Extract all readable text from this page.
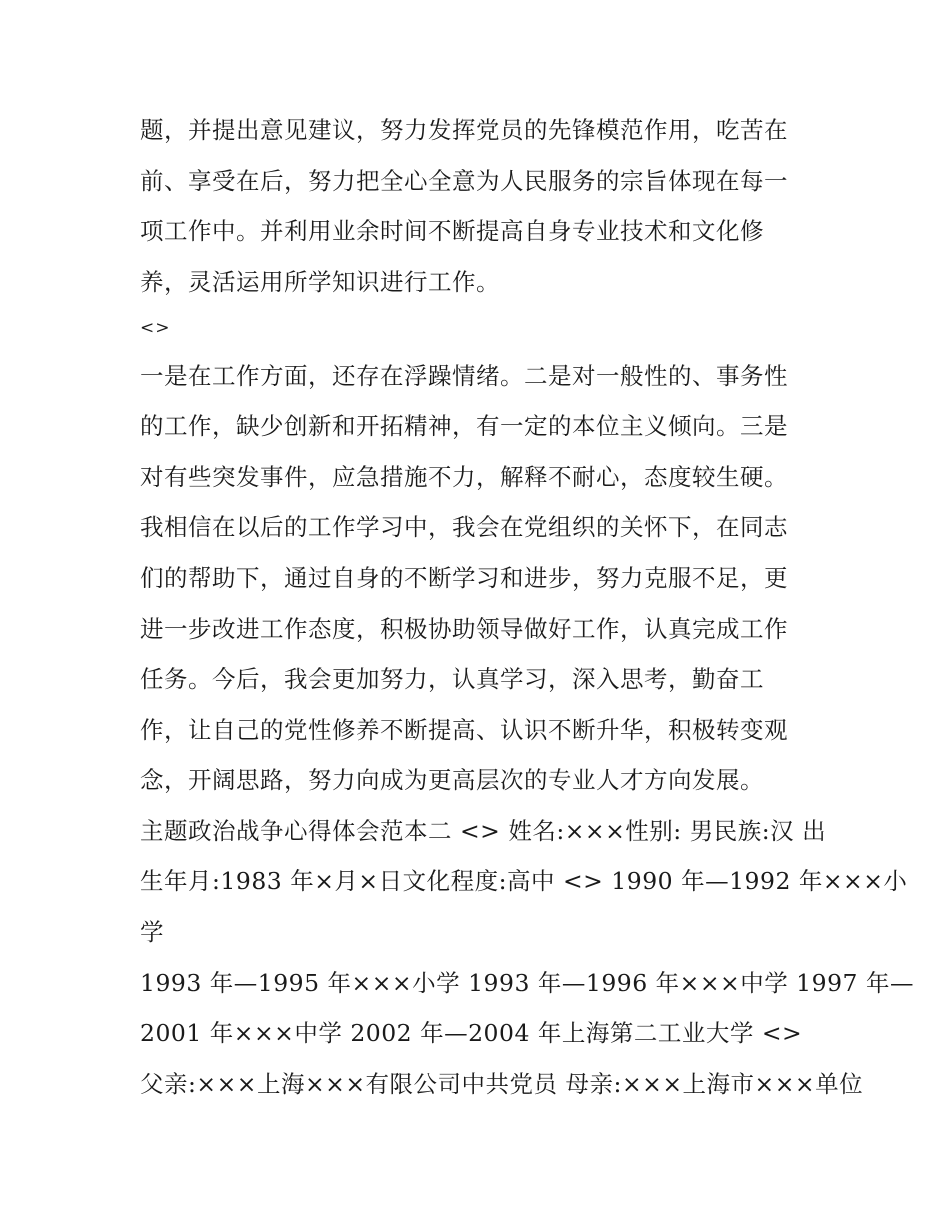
题，并提出意见建议，努力发挥党员的先锋模范作用，吃苦在
前、享受在后，努力把全心全意为人民服务的宗旨体现在每一
项工作中。并利用业余时间不断提高自身专业技术和文化修
养，灵活运用所学知识进行工作。
<>
一是在工作方面，还存在浮躁情绪。二是对一般性的、事务性
的工作，缺少创新和开拓精神，有一定的本位主义倾向。三是
对有些突发事件，应急措施不力，解释不耐心，态度较生硬。
我相信在以后的工作学习中，我会在党组织的关怀下，在同志
们的帮助下，通过自身的不断学习和进步，努力克服不足，更
进一步改进工作态度，积极协助领导做好工作，认真完成工作
任务。今后，我会更加努力，认真学习，深入思考，勤奋工
作，让自己的党性修养不断提高、认识不断升华，积极转变观
念，开阔思路，努力向成为更高层次的专业人才方向发展。
主题政治战争心得体会范本二 <> 姓名:×××性别: 男民族:汉 出
生年月:1983 年×月×日文化程度:高中 <> 1990 年—1992 年×××小
学
1993 年—1995 年×××小学 1993 年—1996 年×××中学 1997 年—
2001 年×××中学 2002 年—2004 年上海第二工业大学 <>
父亲:×××上海×××有限公司中共党员 母亲:×××上海市×××单位
